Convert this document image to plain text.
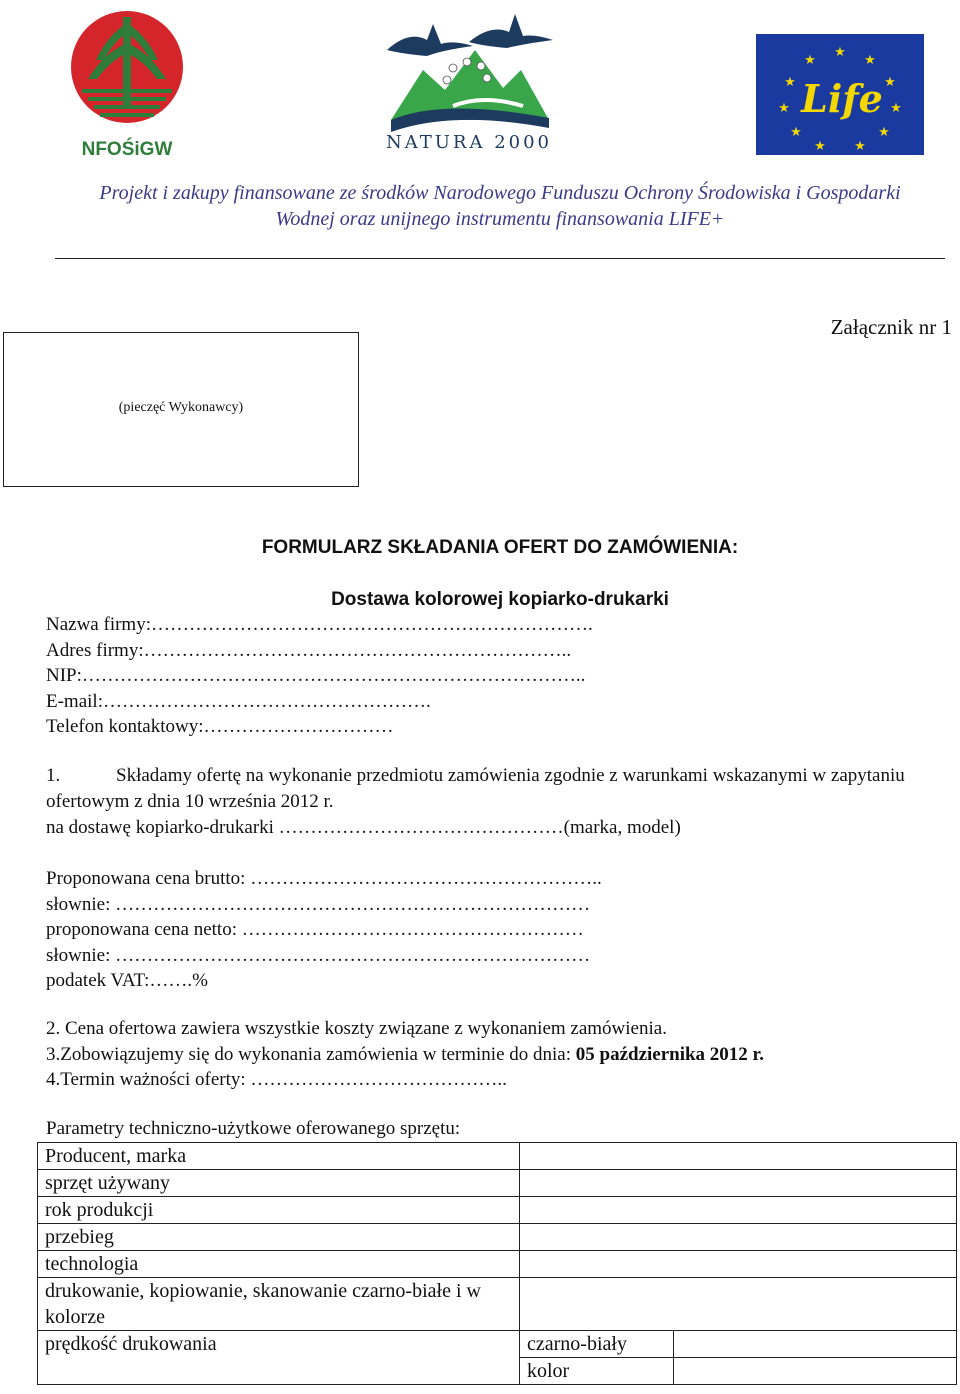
NFOŚiGW	NATURA 2000
★
★
★
★
★
★
★
★
★
★
★
Life
Projekt i zakupy finansowane ze środków Narodowego Funduszu Ochrony Środowiska i Gospodarki
Wodnej oraz unijnego instrumentu finansowania LIFE+
Załącznik nr 1
(pieczęć Wykonawcy)
FORMULARZ SKŁADANIA OFERT DO ZAMÓWIENIA:
Dostawa kolorowej kopiarko-drukarki
Nazwa firmy:…………………………………………………………….
Adres firmy:…………………………………………………………..
NIP:……………………………………………………………………..
E-mail:…………………………………………….
Telefon kontaktowy:…………………………
1.	Składamy ofertę na wykonanie przedmiotu zamówienia zgodnie z warunkami wskazanymi w zapytaniu ofertowym z dnia 10 września 2012 r.
na dostawę kopiarko-drukarki ………………………………………(marka, model)
Proponowana cena brutto: ………………………………………………..
słownie: …………………………………………………………………
proponowana cena netto: ………………………………………………
słownie: …………………………………………………………………
podatek VAT:…….%
2. Cena ofertowa zawiera wszystkie koszty związane z wykonaniem zamówienia.
3.Zobowiązujemy się do wykonania zamówienia w terminie do dnia: 05 października 2012 r.
4.Termin ważności oferty: …………………………………..
Parametry techniczno-użytkowe oferowanego sprzętu:
Producent, marka		
sprzęt używany		
rok produkcji		
przebieg		
technologia		
drukowanie, kopiowanie, skanowanie czarno-białe i w kolorze		
prędkość drukowania	czarno-biały	
	kolor	
